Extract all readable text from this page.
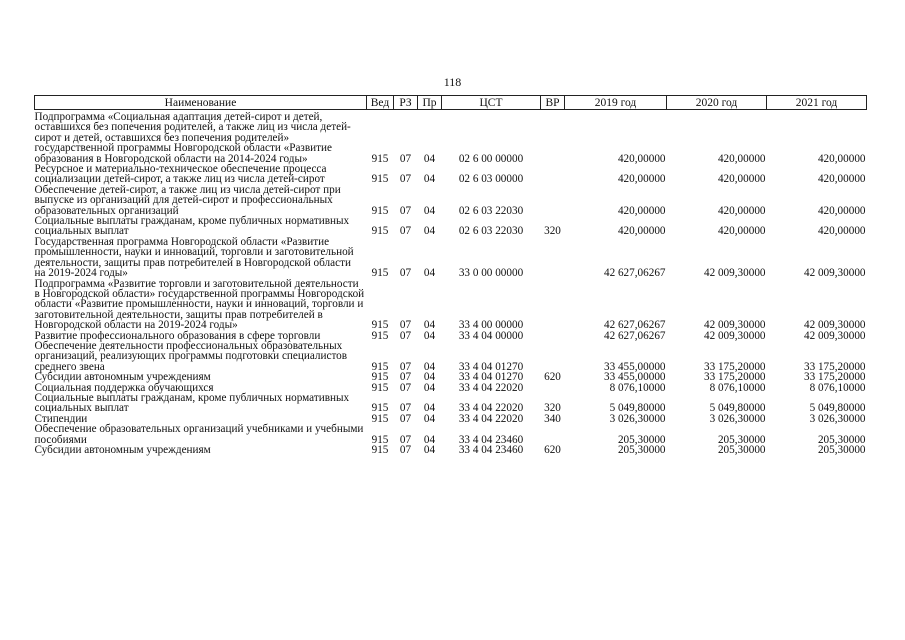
118
Наименование	Вед	РЗ	Пр	ЦСТ	ВР	2019 год	2020 год	2021 год
Подпрограмма «Социальная адаптация детей-сирот и детей, оставшихся без попечения родителей, а также лиц из числа детей-сирот и детей, оставшихся без попечения родителей» государственной программы Новгородской области «Развитие образования в Новгородской области на 2014-2024 годы»	915	07	04	02 6 00 00000		420,00000	420,00000	420,00000
Ресурсное и материально-техническое обеспечение процесса социализации детей-сирот, а также лиц из числа детей-сирот	915	07	04	02 6 03 00000		420,00000	420,00000	420,00000
Обеспечение детей-сирот, а также лиц из числа детей-сирот при выпуске из организаций для детей-сирот и профессиональных образовательных организаций	915	07	04	02 6 03 22030		420,00000	420,00000	420,00000
Социальные выплаты гражданам, кроме публичных нормативных социальных выплат	915	07	04	02 6 03 22030	320	420,00000	420,00000	420,00000
Государственная программа Новгородской области «Развитие промышленности, науки и инноваций, торговли и заготовительной деятельности, защиты прав потребителей в Новгородской области на 2019-2024 годы»	915	07	04	33 0 00 00000		42 627,06267	42 009,30000	42 009,30000
Подпрограмма «Развитие торговли и заготовительной деятельности в Новгородской области» государственной программы Новгородской области «Развитие промышленности, науки и инноваций, торговли и заготовительной деятельности, защиты прав потребителей в Новгородской области на 2019-2024 годы»	915	07	04	33 4 00 00000		42 627,06267	42 009,30000	42 009,30000
Развитие профессионального образования в сфере торговли	915	07	04	33 4 04 00000		42 627,06267	42 009,30000	42 009,30000
Обеспечение деятельности профессиональных образовательных организаций, реализующих программы подготовки специалистов среднего звена	915	07	04	33 4 04 01270		33 455,00000	33 175,20000	33 175,20000
Субсидии автономным учреждениям	915	07	04	33 4 04 01270	620	33 455,00000	33 175,20000	33 175,20000
Социальная поддержка обучающихся	915	07	04	33 4 04 22020		8 076,10000	8 076,10000	8 076,10000
Социальные выплаты гражданам, кроме публичных нормативных социальных выплат	915	07	04	33 4 04 22020	320	5 049,80000	5 049,80000	5 049,80000
Стипендии	915	07	04	33 4 04 22020	340	3 026,30000	3 026,30000	3 026,30000
Обеспечение образовательных организаций учебниками и учебными пособиями	915	07	04	33 4 04 23460		205,30000	205,30000	205,30000
Субсидии автономным учреждениям	915	07	04	33 4 04 23460	620	205,30000	205,30000	205,30000
